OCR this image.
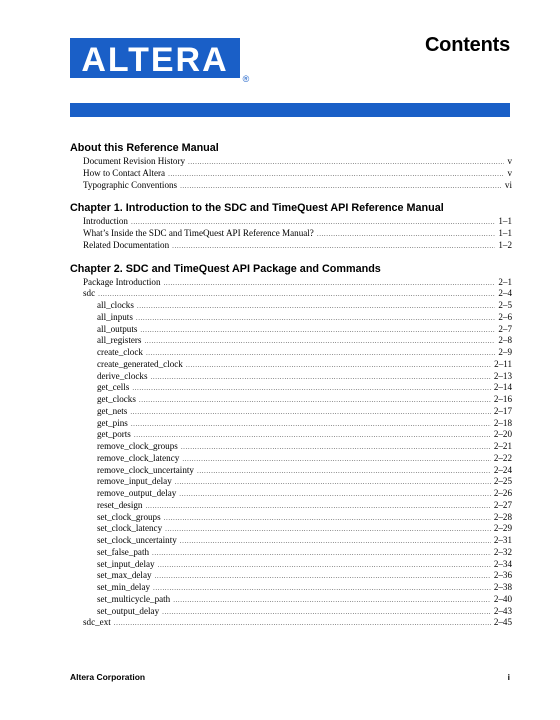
ALTERA ®
Contents
About this Reference Manual
Document Revision History .....	v
How to Contact Altera .....	v
Typographic Conventions .....	vi
Chapter 1. Introduction to the SDC and TimeQuest API Reference Manual
Introduction .....	1–1
What’s Inside the SDC and TimeQuest API Reference Manual? .....	1–1
Related Documentation .....	1–2
Chapter 2. SDC and TimeQuest API Package and Commands
Package Introduction .....	2–1
sdc .....	2–4
all_clocks .....	2–5
all_inputs .....	2–6
all_outputs .....	2–7
all_registers .....	2–8
create_clock .....	2–9
create_generated_clock .....	2–11
derive_clocks .....	2–13
get_cells .....	2–14
get_clocks .....	2–16
get_nets .....	2–17
get_pins .....	2–18
get_ports .....	2–20
remove_clock_groups .....	2–21
remove_clock_latency .....	2–22
remove_clock_uncertainty .....	2–24
remove_input_delay .....	2–25
remove_output_delay .....	2–26
reset_design .....	2–27
set_clock_groups .....	2–28
set_clock_latency .....	2–29
set_clock_uncertainty .....	2–31
set_false_path .....	2–32
set_input_delay .....	2–34
set_max_delay .....	2–36
set_min_delay .....	2–38
set_multicycle_path .....	2–40
set_output_delay .....	2–43
sdc_ext .....	2–45
Altera Corporation	i
